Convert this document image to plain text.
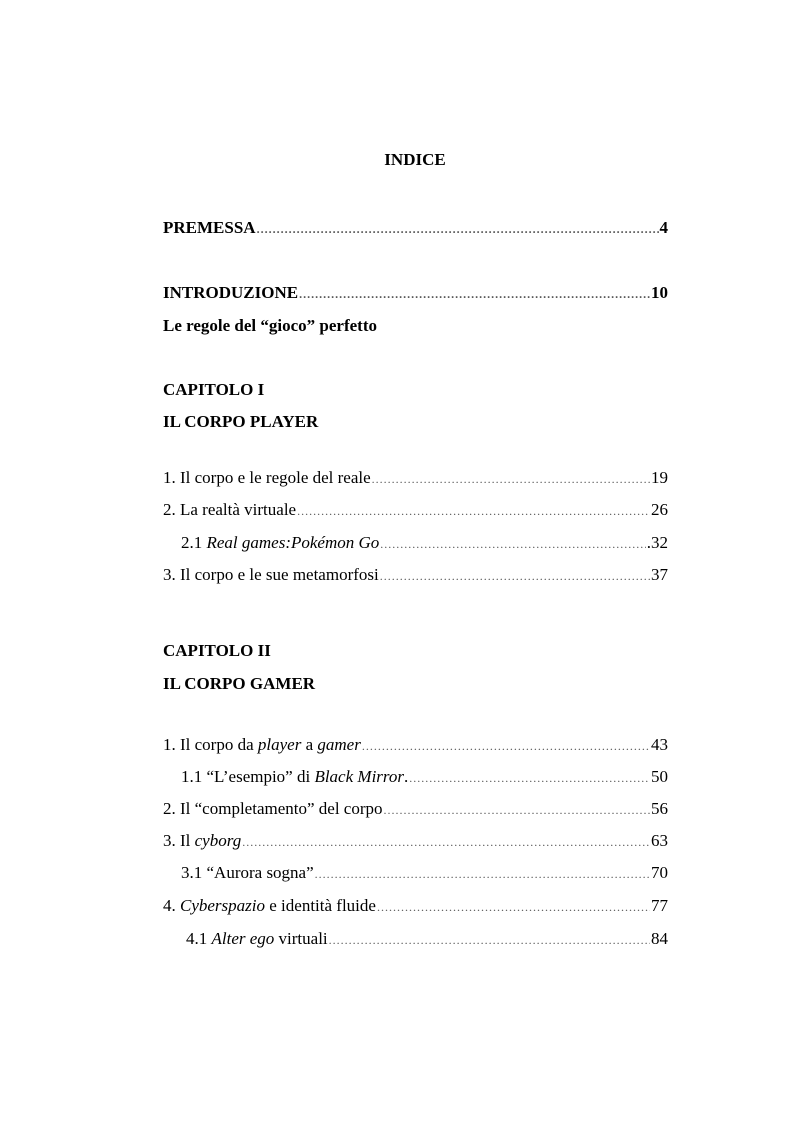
INDICE
PREMESSA .....	4
INTRODUZIONE .....	10
Le regole del “gioco” perfetto
CAPITOLO I
IL CORPO PLAYER
1. Il corpo e le regole del reale .....	19
2. La realtà virtuale .....	26
2.1 Real games:Pokémon Go .....	.32
3. Il corpo e le sue metamorfosi .....	37
CAPITOLO II
IL CORPO GAMER
1. Il corpo da player a gamer .....	43
1.1 “L’esempio” di Black Mirror. .....	50
2. Il “completamento” del corpo .....	56
3. Il cyborg .....	63
3.1 “Aurora sogna” .....	70
4. Cyberspazio e identità fluide .....	77
4.1 Alter ego virtuali .....	84
